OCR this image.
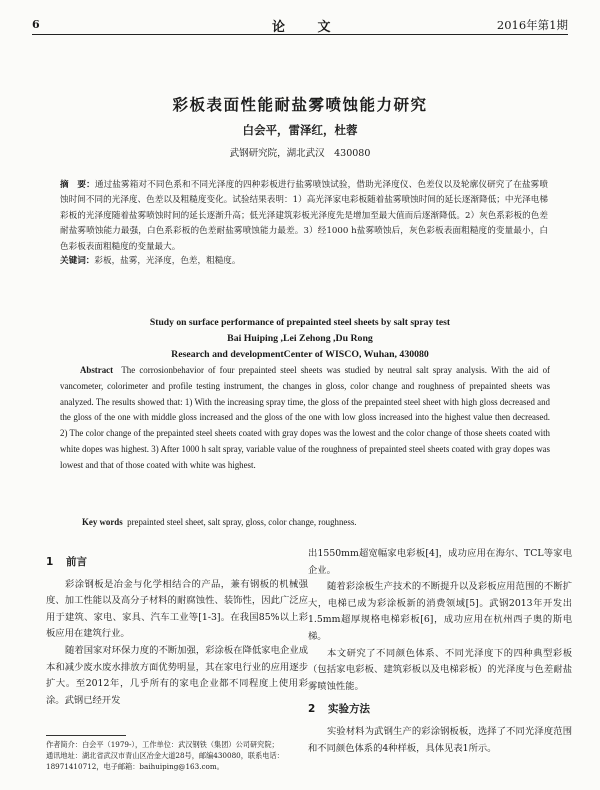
6	论 文	2016年第1期
彩板表面性能耐盐雾喷蚀能力研究
白会平，雷泽红，杜蓉
武钢研究院，湖北武汉　430080
摘　要：通过盐雾箱对不同色系和不同光泽度的四种彩板进行盐雾喷蚀试验，借助光泽度仪、色差仪以及轮廓仪研究了在盐雾喷蚀时间不同的光泽度、色差以及粗糙度变化。试验结果表明：1）高光泽家电彩板随着盐雾喷蚀时间的延长逐渐降低；中光泽电梯彩板的光泽度随着盐雾喷蚀时间的延长逐渐升高；低光泽建筑彩板光泽度先是增加至最大值而后逐渐降低。2）灰色系彩板的色差耐盐雾喷蚀能力最强，白色系彩板的色差耐盐雾喷蚀能力最差。3）经1000 h盐雾喷蚀后，灰色彩板表面粗糙度的变量最小，白色彩板表面粗糙度的变量最大。
关键词：彩板，盐雾，光泽度，色差，粗糙度。
Study on surface performance of prepainted steel sheets by salt spray test
Bai Huiping ,Lei Zehong ,Du Rong
Research and developmentCenter of WISCO, Wuhan, 430080
Abstract The corrosionbehavior of four prepainted steel sheets was studied by neutral salt spray analysis. With the aid of vancometer, colorimeter and profile testing instrument, the changes in gloss, color change and roughness of prepainted sheets was analyzed. The results showed that: 1) With the increasing spray time, the gloss of the prepainted steel sheet with high gloss decreased and the gloss of the one with middle gloss increased and the gloss of the one with low gloss increased into the highest value then decreased. 2) The color change of the prepainted steel sheets coated with gray dopes was the lowest and the color change of those sheets coated with white dopes was highest. 3) After 1000 h salt spray, variable value of the roughness of prepainted steel sheets coated with gray dopes was lowest and that of those coated with white was highest.
Key words prepainted steel sheet, salt spray, gloss, color change, roughness.
1 前言

彩涂钢板是冶金与化学相结合的产品，兼有钢板的机械强度、加工性能以及高分子材料的耐腐蚀性、装饰性，因此广泛应用于建筑、家电、家具、汽车工业等[1-3]。在我国85%以上彩板应用在建筑行业。

随着国家对环保力度的不断加强，彩涂板在降低家电企业成本和减少废水废水排放方面优势明显，其在家电行业的应用逐步扩大。至2012年，几乎所有的家电企业都不同程度上使用彩涂。武钢已经开发

出1550mm超宽幅家电彩板[4]，成功应用在海尔、TCL等家电企业。

随着彩涂板生产技术的不断提升以及彩板应用范围的不断扩大，电梯已成为彩涂板新的消费领域[5]。武钢2013年开发出1.5mm超厚规格电梯彩板[6]，成功应用在杭州西子奥的斯电梯。

本文研究了不同颜色体系、不同光泽度下的四种典型彩板（包括家电彩板、建筑彩板以及电梯彩板）的光泽度与色差耐盐雾喷蚀性能。

2 实验方法

实验材料为武钢生产的彩涂钢板板，选择了不同光泽度范围和不同颜色体系的4种样板，具体见表1所示。

作者简介：白会平（1979-），工作单位：武汉钢铁（集团）公司研究院；

通讯地址：湖北省武汉市青山区冶金大道28号，邮编430080，联系电话：18971410712，电子邮箱：baihuiping@163.com。
